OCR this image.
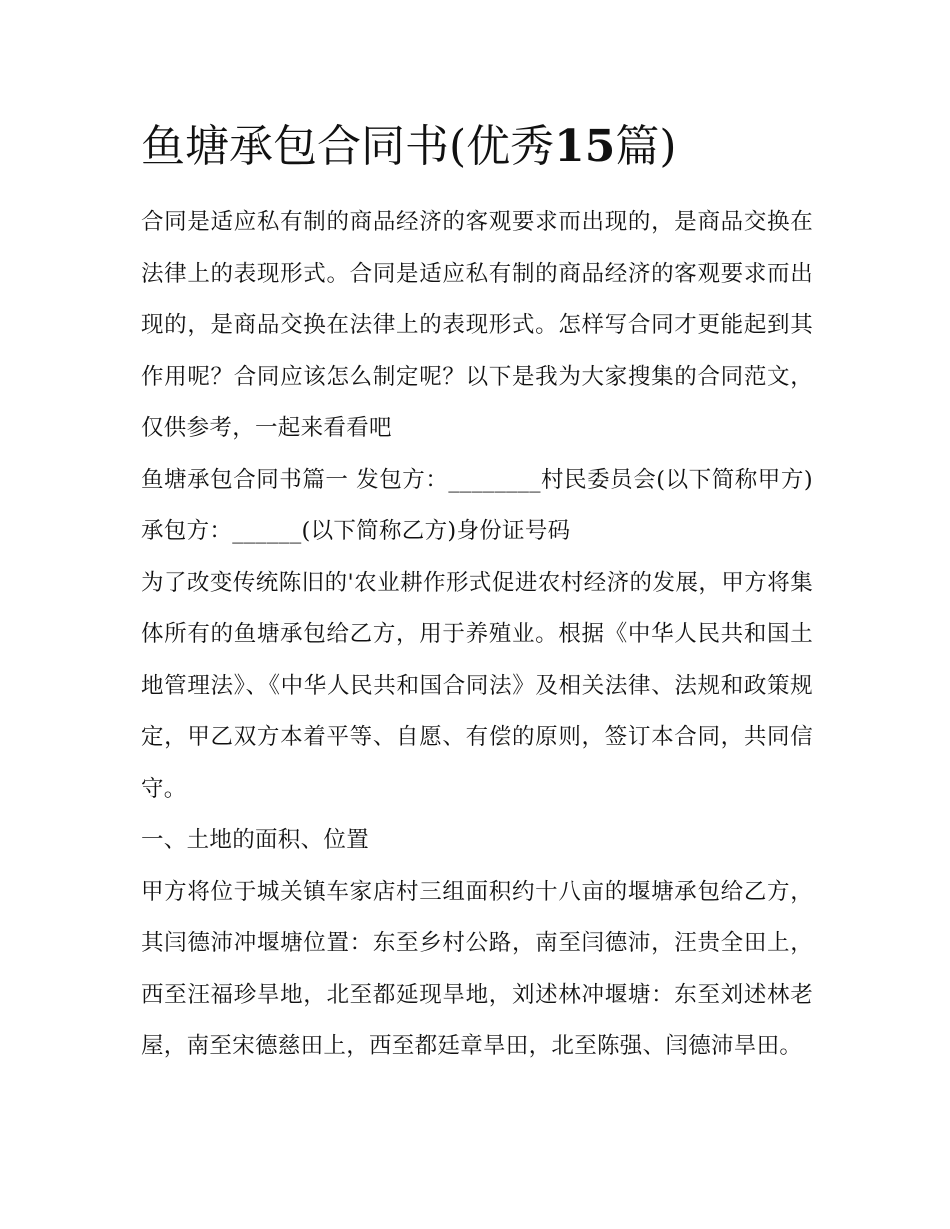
鱼塘承包合同书(优秀15篇)

合同是适应私有制的商品经济的客观要求而出现的，是商品交换在法律上的表现形式。合同是适应私有制的商品经济的客观要求而出现的，是商品交换在法律上的表现形式。怎样写合同才更能起到其作用呢？合同应该怎么制定呢？以下是我为大家搜集的合同范文，仅供参考，一起来看看吧

鱼塘承包合同书篇一 发包方：________村民委员会(以下简称甲方) 承包方：______(以下简称乙方)身份证号码

为了改变传统陈旧的'农业耕作形式促进农村经济的发展，甲方将集体所有的鱼塘承包给乙方，用于养殖业。根据《中华人民共和国土地管理法》、《中华人民共和国合同法》及相关法律、法规和政策规定，甲乙双方本着平等、自愿、有偿的原则，签订本合同，共同信守。

一、土地的面积、位置

甲方将位于城关镇车家店村三组面积约十八亩的堰塘承包给乙方，其闫德沛冲堰塘位置：东至乡村公路，南至闫德沛，汪贵全田上，西至汪福珍旱地，北至都延现旱地，刘述林冲堰塘：东至刘述林老屋，南至宋德慈田上，西至都廷章旱田，北至陈强、闫德沛旱田。
